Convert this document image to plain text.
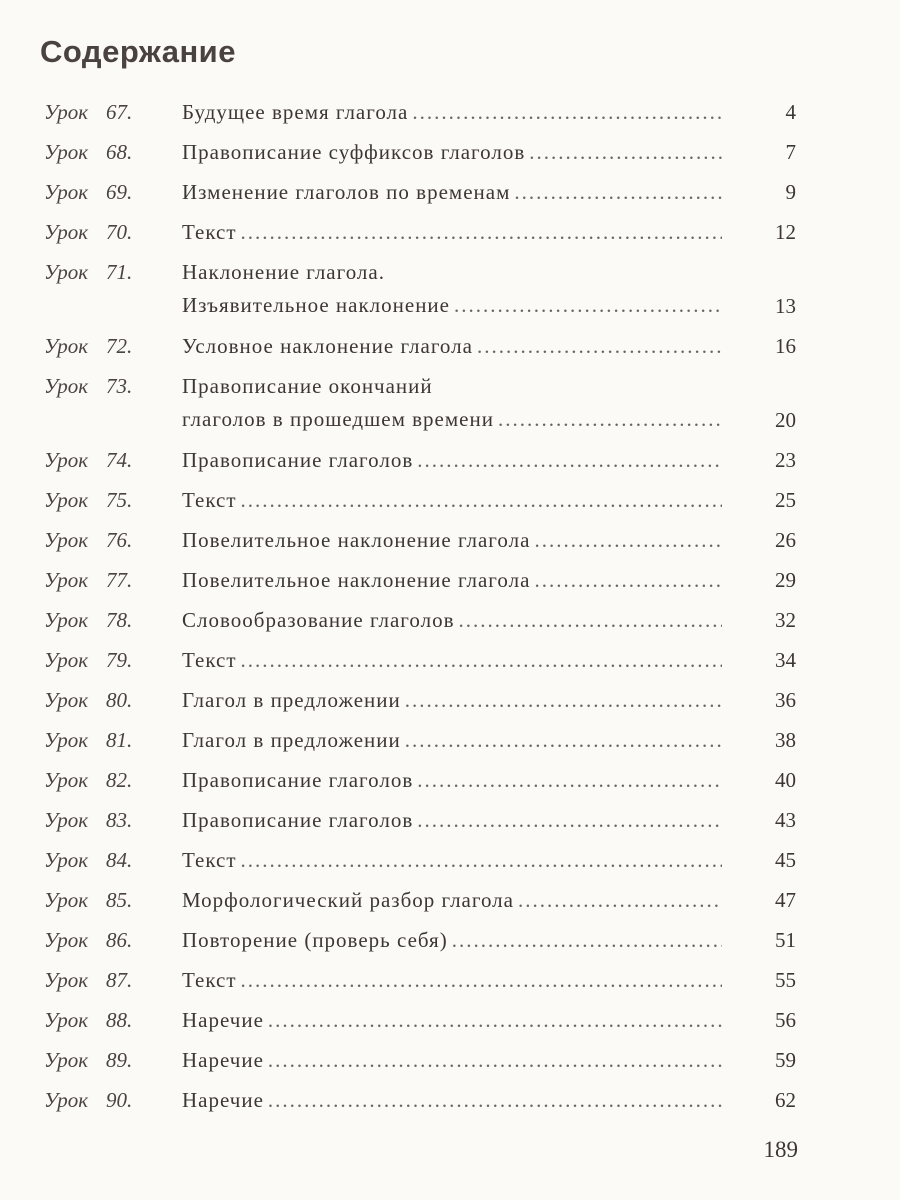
Содержание
Урок 67. Будущее время глагола .....	4
Урок 68. Правописание суффиксов глаголов .....	7
Урок 69. Изменение глаголов по временам .....	9
Урок 70. Текст .....	12
Урок 71. Наклонение глагола.
Изъявительное наклонение .....	13
Урок 72. Условное наклонение глагола .....	16
Урок 73. Правописание окончаний
глаголов в прошедшем времени .....	20
Урок 74. Правописание глаголов .....	23
Урок 75. Текст .....	25
Урок 76. Повелительное наклонение глагола .....	26
Урок 77. Повелительное наклонение глагола .....	29
Урок 78. Словообразование глаголов .....	32
Урок 79. Текст .....	34
Урок 80. Глагол в предложении .....	36
Урок 81. Глагол в предложении .....	38
Урок 82. Правописание глаголов .....	40
Урок 83. Правописание глаголов .....	43
Урок 84. Текст .....	45
Урок 85. Морфологический разбор глагола .....	47
Урок 86. Повторение (проверь себя) .....	51
Урок 87. Текст .....	55
Урок 88. Наречие .....	56
Урок 89. Наречие .....	59
Урок 90. Наречие .....	62
189
